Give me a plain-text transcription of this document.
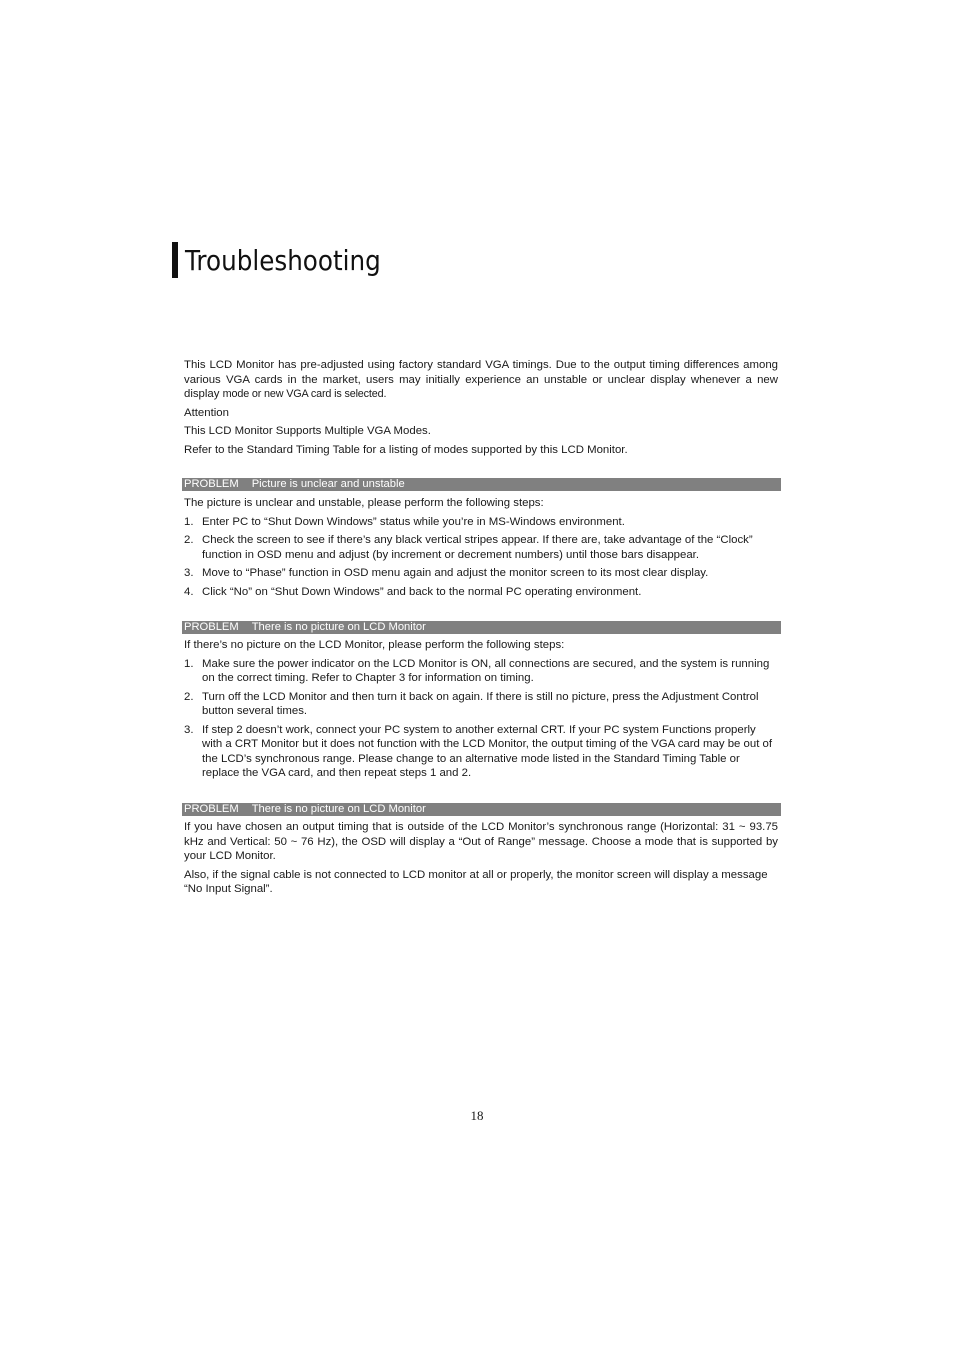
Troubleshooting

This LCD Monitor has pre-adjusted using factory standard VGA timings. Due to the output timing differences among various VGA cards in the market, users may initially experience an unstable or unclear display whenever a new display mode or new VGA card is selected.

Attention

This LCD Monitor Supports Multiple VGA Modes.

Refer to the Standard Timing Table for a listing of modes supported by this LCD Monitor.

PROBLEM Picture is unclear and unstable

The picture is unclear and unstable, please perform the following steps:

1. Enter PC to “Shut Down Windows” status while you’re in MS-Windows environment.
2. Check the screen to see if there’s any black vertical stripes appear. If there are, take advantage of the “Clock” function in OSD menu and adjust (by increment or decrement numbers) until those bars disappear.
3. Move to “Phase” function in OSD menu again and adjust the monitor screen to its most clear display.
4. Click “No” on “Shut Down Windows” and back to the normal PC operating environment.
PROBLEM There is no picture on LCD Monitor

If there’s no picture on the LCD Monitor, please perform the following steps:

1. Make sure the power indicator on the LCD Monitor is ON, all connections are secured, and the system is running on the correct timing. Refer to Chapter 3 for information on timing.
2. Turn off the LCD Monitor and then turn it back on again. If there is still no picture, press the Adjustment Control button several times.
3. If step 2 doesn’t work, connect your PC system to another external CRT. If your PC system Functions properly with a CRT Monitor but it does not function with the LCD Monitor, the output timing of the VGA card may be out of the LCD’s synchronous range. Please change to an alternative mode listed in the Standard Timing Table or replace the VGA card, and then repeat steps 1 and 2.
PROBLEM There is no picture on LCD Monitor

If you have chosen an output timing that is outside of the LCD Monitor’s synchronous range (Horizontal: 31 ~ 93.75 kHz and Vertical: 50 ~ 76 Hz), the OSD will display a “Out of Range” message. Choose a mode that is supported by your LCD Monitor.

Also, if the signal cable is not connected to LCD monitor at all or properly, the monitor screen will display a message “No Input Signal”.

18
